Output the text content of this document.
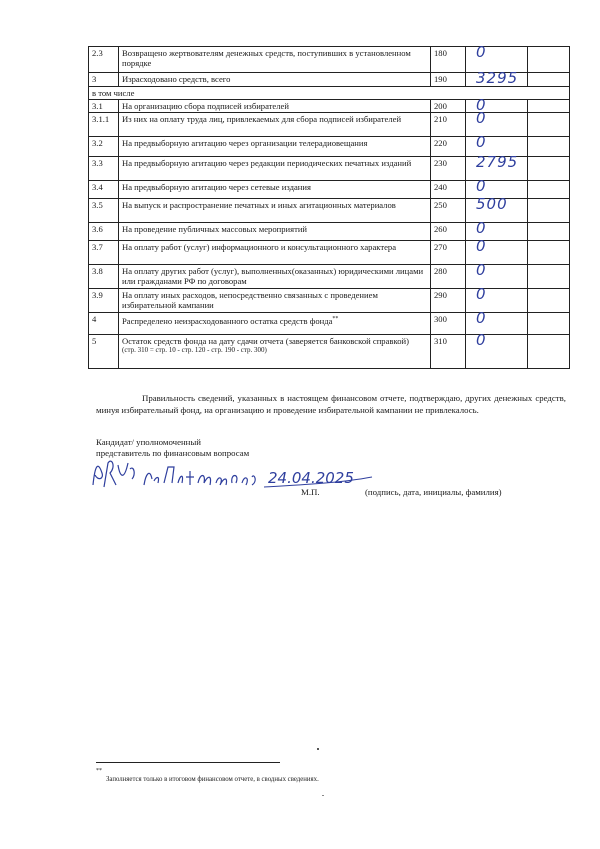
2.3	Возвращено жертвователям денежных средств, поступивших в установленном порядке	180	0	

3	Израсходовано средств, всего	190	3295	

в том числе				
3.1	На организацию сбора подписей избирателей	200	0	

3.1.1	Из них на оплату труда лиц, привлекаемых для сбора подписей избирателей	210	0	

3.2	На предвыборную агитацию через организации телерадиовещания	220	0	

3.3	На предвыборную агитацию через редакции периодических печатных изданий	230	2795	

3.4	На предвыборную агитацию через сетевые издания	240	0	

3.5	На выпуск и распространение печатных и иных агитационных материалов	250	500	

3.6	На проведение публичных массовых мероприятий	260	0	

3.7	На оплату работ (услуг) информационного и консультационного характера	270	0	

3.8	На оплату других работ (услуг), выполненных(оказанных) юридическими лицами или гражданами РФ по договорам	280	0	

3.9	На оплату иных расходов, непосредственно связанных с проведением избирательной кампании	290	0	

4	Распределено неизрасходованного остатка средств фонда**	300	0	

5	Остаток средств фонда на дату сдачи отчета (заверяется банковской справкой)
(стр. 310 = стр. 10 - стр. 120 - стр. 190 - стр. 300)	310	0	

Правильность сведений, указанных в настоящем финансовом отчете, подтверждаю, других денежных средств, минуя избирательный фонд, на организацию и проведение избирательной кампании не привлекалось.
Кандидат/ уполномоченный
представитель по финансовым вопросам
24.04.2025
М.П.	(подпись, дата, инициалы, фамилия)
**
Заполняется только в итоговом финансовом отчете, в сводных сведениях.
